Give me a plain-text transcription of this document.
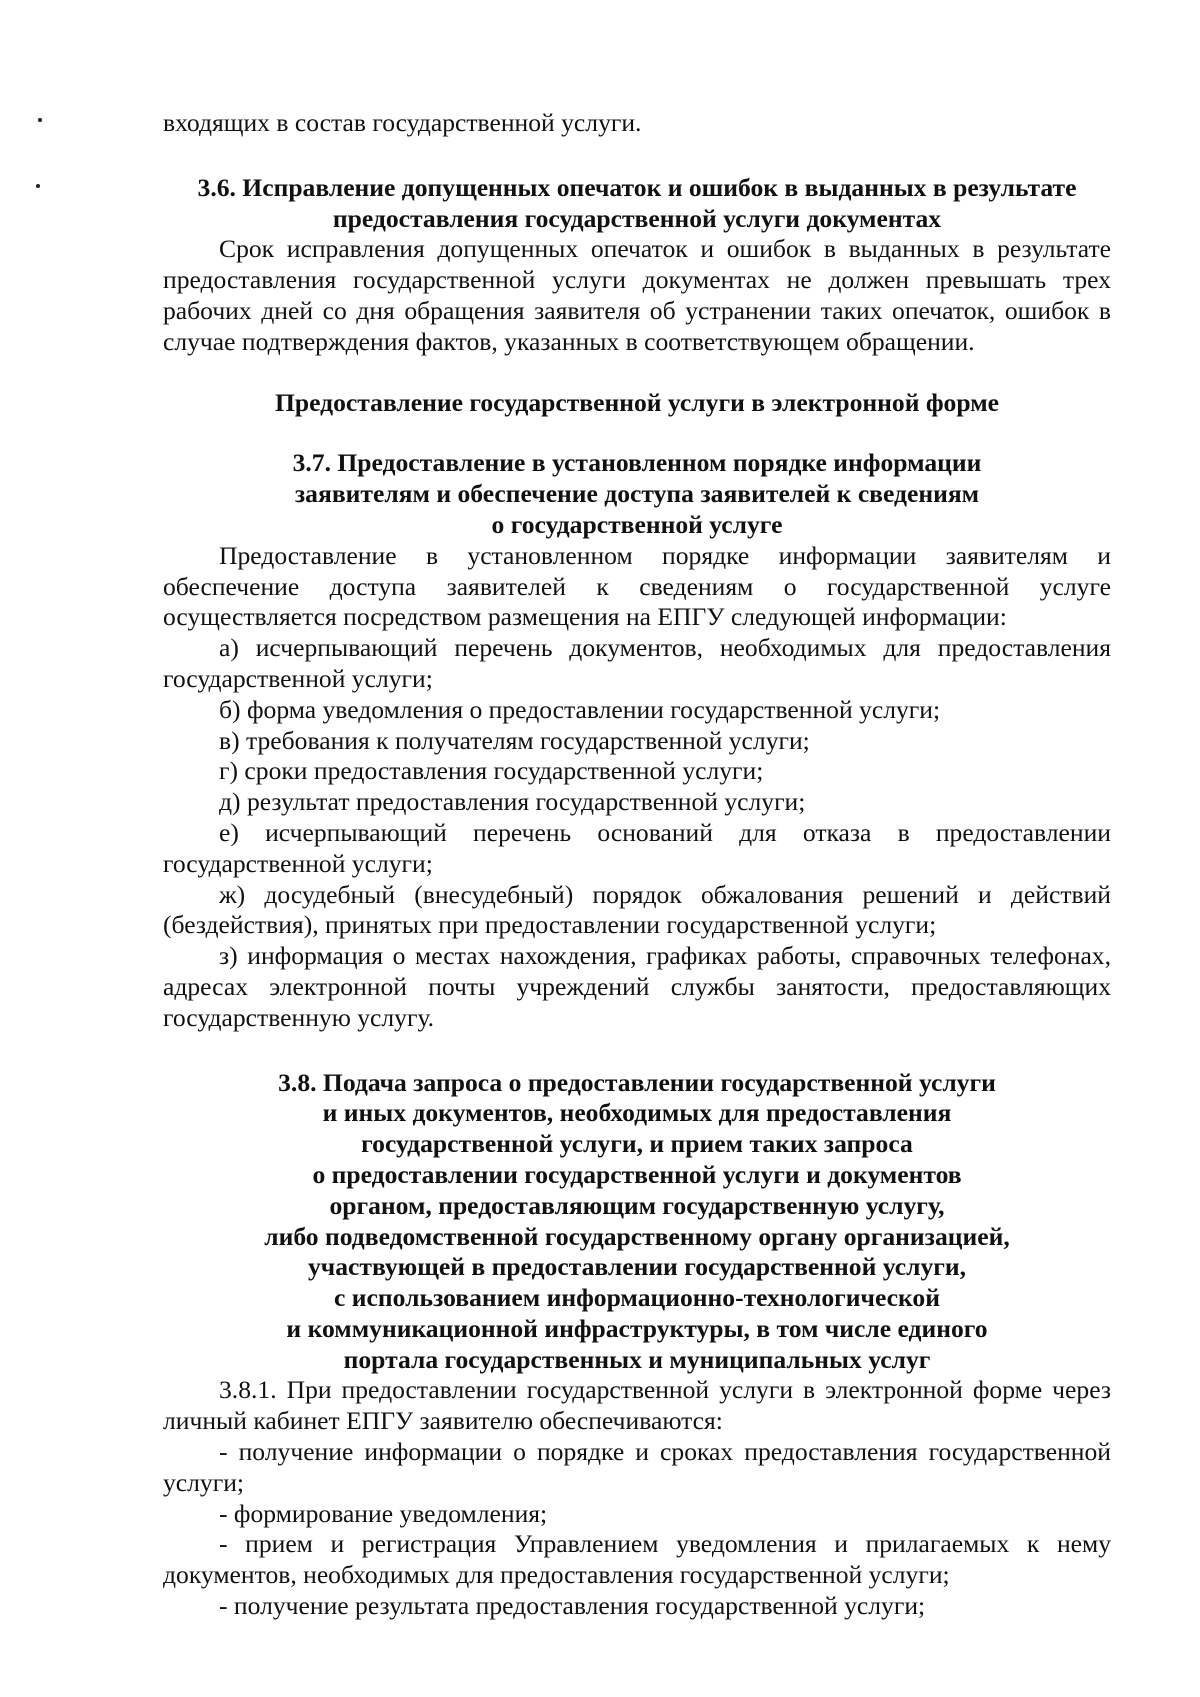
входящих в состав государственной услуги.

3.6. Исправление допущенных опечаток и ошибок в выданных в результате

предоставления государственной услуги документах

Срок исправления допущенных опечаток и ошибок в выданных в результате предоставления государственной услуги документах не должен превышать трех рабочих дней со дня обращения заявителя об устранении таких опечаток, ошибок в случае подтверждения фактов, указанных в соответствующем обращении.

Предоставление государственной услуги в электронной форме

3.7. Предоставление в установленном порядке информации

заявителям и обеспечение доступа заявителей к сведениям

о государственной услуге

Предоставление в установленном порядке информации заявителям и обеспечение доступа заявителей к сведениям о государственной услуге осуществляется посредством размещения на ЕПГУ следующей информации:

а) исчерпывающий перечень документов, необходимых для предоставления государственной услуги;

б) форма уведомления о предоставлении государственной услуги;

в) требования к получателям государственной услуги;

г) сроки предоставления государственной услуги;

д) результат предоставления государственной услуги;

е) исчерпывающий перечень оснований для отказа в предоставлении государственной услуги;

ж) досудебный (внесудебный) порядок обжалования решений и действий (бездействия), принятых при предоставлении государственной услуги;

з) информация о местах нахождения, графиках работы, справочных телефонах, адресах электронной почты учреждений службы занятости, предоставляющих государственную услугу.

3.8. Подача запроса о предоставлении государственной услуги

и иных документов, необходимых для предоставления

государственной услуги, и прием таких запроса

о предоставлении государственной услуги и документов

органом, предоставляющим государственную услугу,

либо подведомственной государственному органу организацией,

участвующей в предоставлении государственной услуги,

с использованием информационно-технологической

и коммуникационной инфраструктуры, в том числе единого

портала государственных и муниципальных услуг

3.8.1. При предоставлении государственной услуги в электронной форме через личный кабинет ЕПГУ заявителю обеспечиваются:

- получение информации о порядке и сроках предоставления государственной услуги;

- формирование уведомления;

- прием и регистрация Управлением уведомления и прилагаемых к нему документов, необходимых для предоставления государственной услуги;

- получение результата предоставления государственной услуги;
